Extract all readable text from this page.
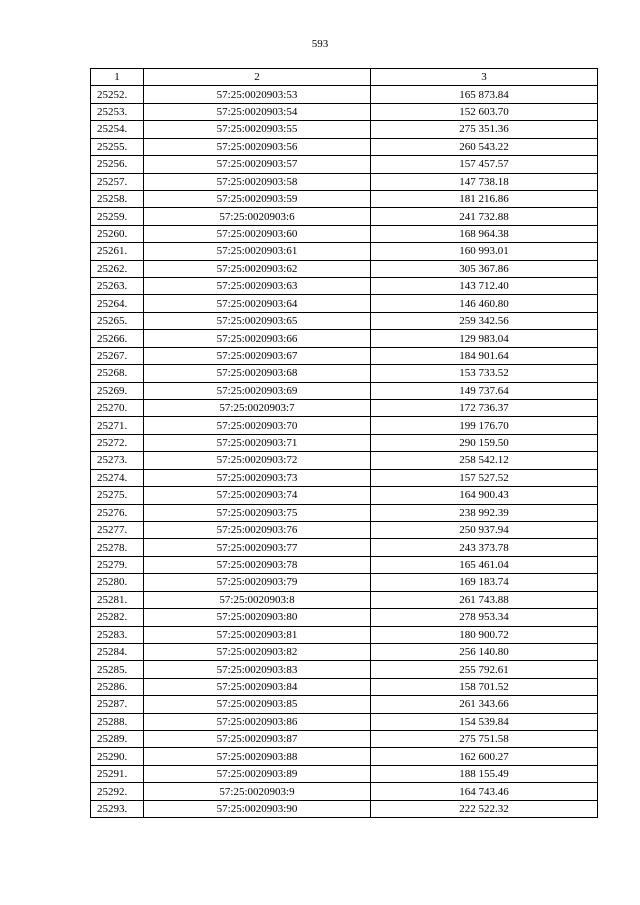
593
1	2	3
25252.	57:25:0020903:53	165 873.84
25253.	57:25:0020903:54	152 603.70
25254.	57:25:0020903:55	275 351.36
25255.	57:25:0020903:56	260 543.22
25256.	57:25:0020903:57	157 457.57
25257.	57:25:0020903:58	147 738.18
25258.	57:25:0020903:59	181 216.86
25259.	57:25:0020903:6	241 732.88
25260.	57:25:0020903:60	168 964.38
25261.	57:25:0020903:61	160 993.01
25262.	57:25:0020903:62	305 367.86
25263.	57:25:0020903:63	143 712.40
25264.	57:25:0020903:64	146 460.80
25265.	57:25:0020903:65	259 342.56
25266.	57:25:0020903:66	129 983.04
25267.	57:25:0020903:67	184 901.64
25268.	57:25:0020903:68	153 733.52
25269.	57:25:0020903:69	149 737.64
25270.	57:25:0020903:7	172 736.37
25271.	57:25:0020903:70	199 176.70
25272.	57:25:0020903:71	290 159.50
25273.	57:25:0020903:72	258 542.12
25274.	57:25:0020903:73	157 527.52
25275.	57:25:0020903:74	164 900.43
25276.	57:25:0020903:75	238 992.39
25277.	57:25:0020903:76	250 937.94
25278.	57:25:0020903:77	243 373.78
25279.	57:25:0020903:78	165 461.04
25280.	57:25:0020903:79	169 183.74
25281.	57:25:0020903:8	261 743.88
25282.	57:25:0020903:80	278 953.34
25283.	57:25:0020903:81	180 900.72
25284.	57:25:0020903:82	256 140.80
25285.	57:25:0020903:83	255 792.61
25286.	57:25:0020903:84	158 701.52
25287.	57:25:0020903:85	261 343.66
25288.	57:25:0020903:86	154 539.84
25289.	57:25:0020903:87	275 751.58
25290.	57:25:0020903:88	162 600.27
25291.	57:25:0020903:89	188 155.49
25292.	57:25:0020903:9	164 743.46
25293.	57:25:0020903:90	222 522.32
